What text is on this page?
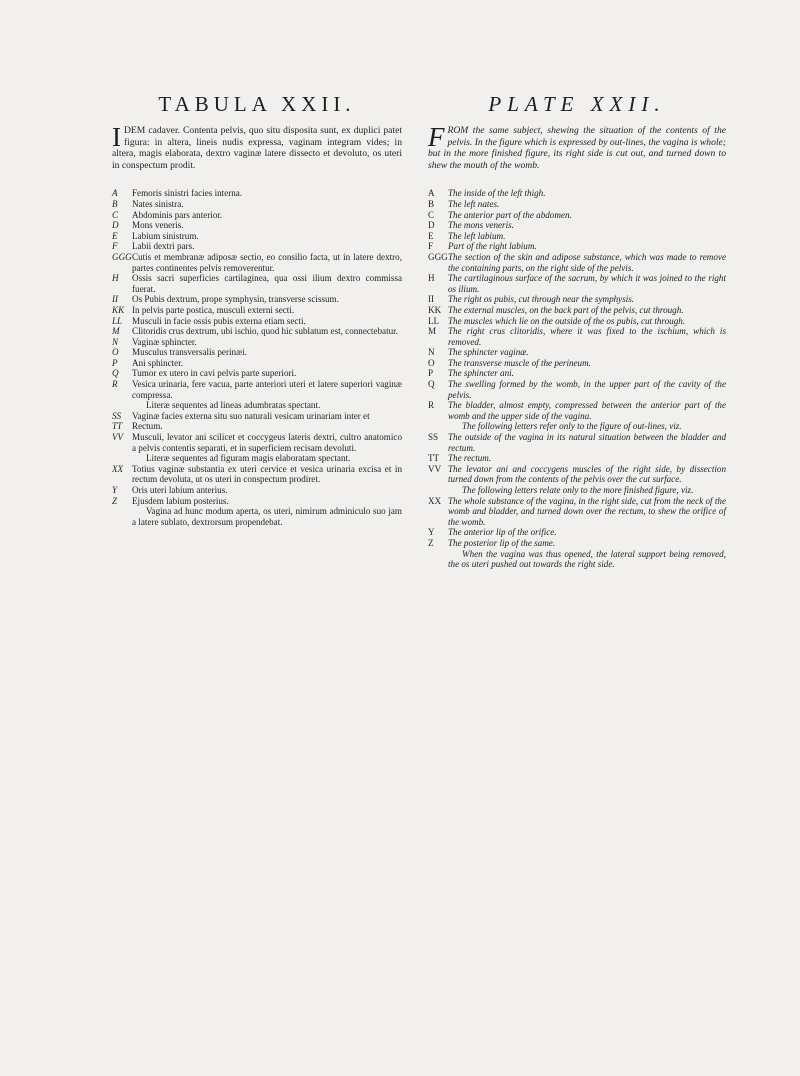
TABULA XXII.

IDEM cadaver. Contenta pelvis, quo situ disposita sunt, ex duplici patet figura: in altera, lineis nudis expressa, vaginam integram vides; in altera, magis elaborata, dextro vaginæ latere dissecto et devoluto, os uteri in conspectum prodit.

A	Femoris sinistri facies interna.

B	Nates sinistra.

C	Abdominis pars anterior.

D	Mons veneris.

E	Labium sinistrum.

F	Labii dextri pars.

GGG Cutis et membranæ adiposæ sectio, eo consilio facta, ut in latere dextro, partes continentes pelvis removerentur.

H	Ossis sacri superficies cartilaginea, qua ossi ilium dextro commissa fuerat.

II	Os Pubis dextrum, prope symphysin, transverse scissum.

KK In pelvis parte postica, musculi externi secti.

LL	Musculi in facie ossis pubis externa etiam secti.

M	Clitoridis crus dextrum, ubi ischio, quod hic sublatum est, connectebatur.

N	Vaginæ sphincter.

O	Musculus transversalis perinæi.

P	Ani sphincter.

Q	Tumor ex utero in cavi pelvis parte superiori.

R	Vesica urinaria, fere vacua, parte anteriori uteri et latere superiori vaginæ compressa.

Literæ sequentes ad lineas adumbratas spectant.

SS	Vaginæ facies externa situ suo naturali vesicam urinariam inter et

TT	Rectum.

VV Musculi, levator ani scilicet et coccygeus lateris dextri, cultro anatomico a pelvis contentis separati, et in superficiem recisam devoluti.

Literæ sequentes ad figuram magis elaboratam spectant.

XX Totius vaginæ substantia ex uteri cervice et vesica urinaria excisa et in rectum devoluta, ut os uteri in conspectum prodiret.

Y	Oris uteri labium anterius.

Z	Ejusdem labium posterius.

Vagina ad hunc modum aperta, os uteri, nimirum adminiculo suo jam a latere sublato, dextrorsum propendebat.

PLATE XXII.

FROM the same subject, shewing the situation of the contents of the pelvis. In the figure which is expressed by out-lines, the vagina is whole; but in the more finished figure, its right side is cut out, and turned down to shew the mouth of the womb.

A	The inside of the left thigh.

B	The left nates.

C	The anterior part of the abdomen.

D	The mons veneris.

E	The left labium.

F	Part of the right labium.

GGG The section of the skin and adipose substance, which was made to remove the containing parts, on the right side of the pelvis.

H	The cartilaginous surface of the sacrum, by which it was joined to the right os ilium.

II	The right os pubis, cut through near the symphysis.

KK The external muscles, on the back part of the pelvis, cut through.

LL The muscles which lie on the outside of the os pubis, cut through.

M	The right crus clitoridis, where it was fixed to the ischium, which is removed.

N	The sphincter vaginæ.

O	The transverse muscle of the perineum.

P	The sphincter ani.

Q	The swelling formed by the womb, in the upper part of the cavity of the pelvis.

R	The bladder, almost empty, compressed between the anterior part of the womb and the upper side of the vagina.

The following letters refer only to the figure of out-lines, viz.

SS	The outside of the vagina in its natural situation between the bladder and rectum.

TT The rectum.

VV The levator ani and coccygens muscles of the right side, by dissection turned down from the contents of the pelvis over the cut surface.

The following letters relate only to the more finished figure, viz.

XX The whole substance of the vagina, in the right side, cut from the neck of the womb and bladder, and turned down over the rectum, to shew the orifice of the womb.

Y	The anterior lip of the orifice.

Z	The posterior lip of the same.

When the vagina was thus opened, the lateral support being removed, the os uteri pushed out towards the right side.
